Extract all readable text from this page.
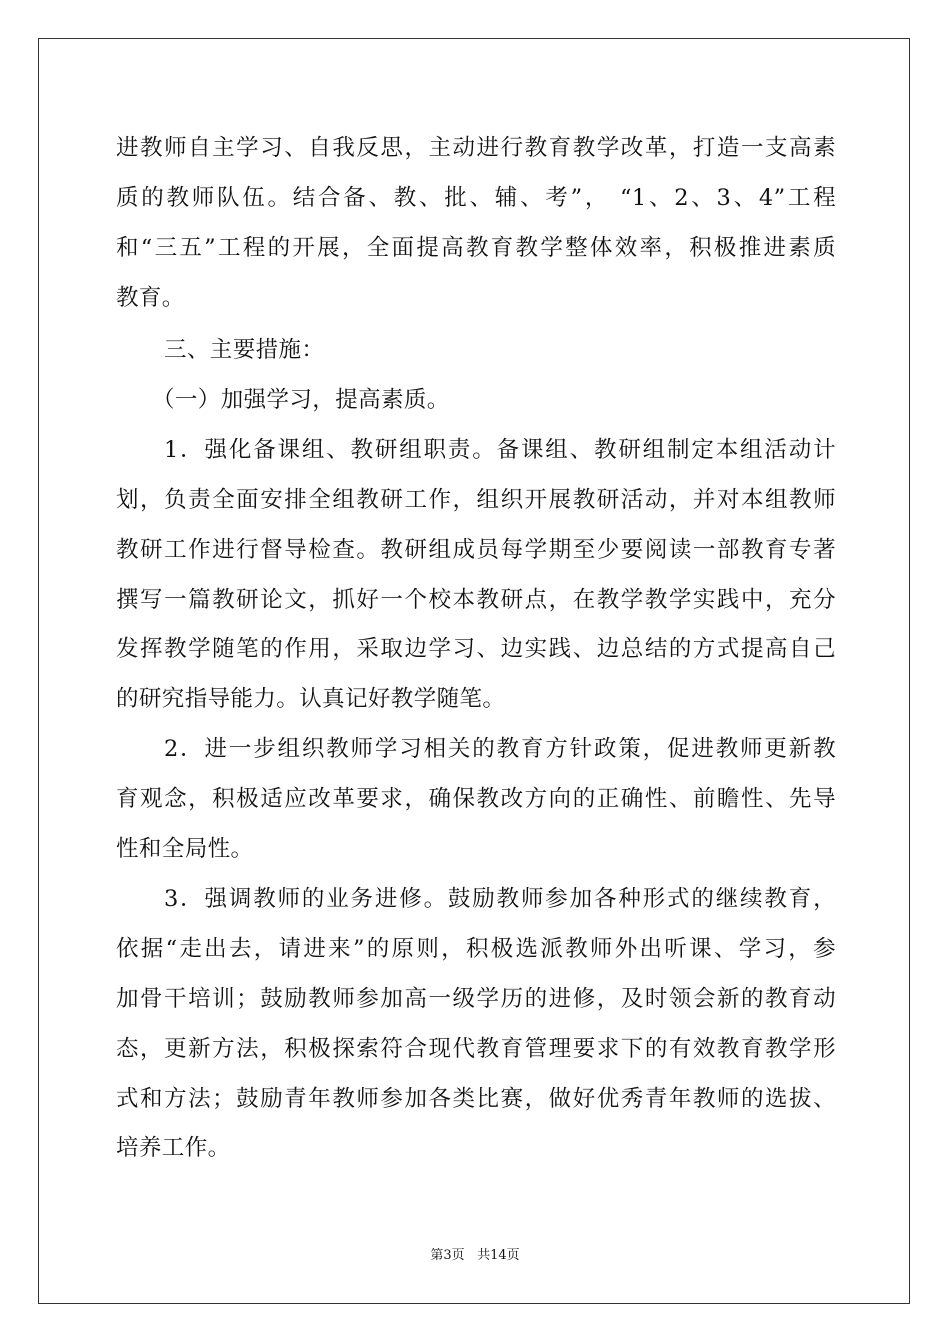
进教师自主学习、自我反思，主动进行教育教学改革，打造一支高素
质的教师队伍。结合备、教、批、辅、考”， “1、2、3、4”工程
和“三五”工程的开展，全面提高教育教学整体效率，积极推进素质
教育。
三、主要措施：
（一）加强学习，提高素质。
1．强化备课组、教研组职责。备课组、教研组制定本组活动计
划，负责全面安排全组教研工作，组织开展教研活动，并对本组教师
教研工作进行督导检查。教研组成员每学期至少要阅读一部教育专著
撰写一篇教研论文，抓好一个校本教研点，在教学教学实践中，充分
发挥教学随笔的作用，采取边学习、边实践、边总结的方式提高自己
的研究指导能力。认真记好教学随笔。
2．进一步组织教师学习相关的教育方针政策，促进教师更新教
育观念，积极适应改革要求，确保教改方向的正确性、前瞻性、先导
性和全局性。
3．强调教师的业务进修。鼓励教师参加各种形式的继续教育，
依据“走出去，请进来”的原则，积极选派教师外出听课、学习，参
加骨干培训；鼓励教师参加高一级学历的进修，及时领会新的教育动
态，更新方法，积极探索符合现代教育管理要求下的有效教育教学形
式和方法；鼓励青年教师参加各类比赛，做好优秀青年教师的选拔、
培养工作。
第3页 共14页
